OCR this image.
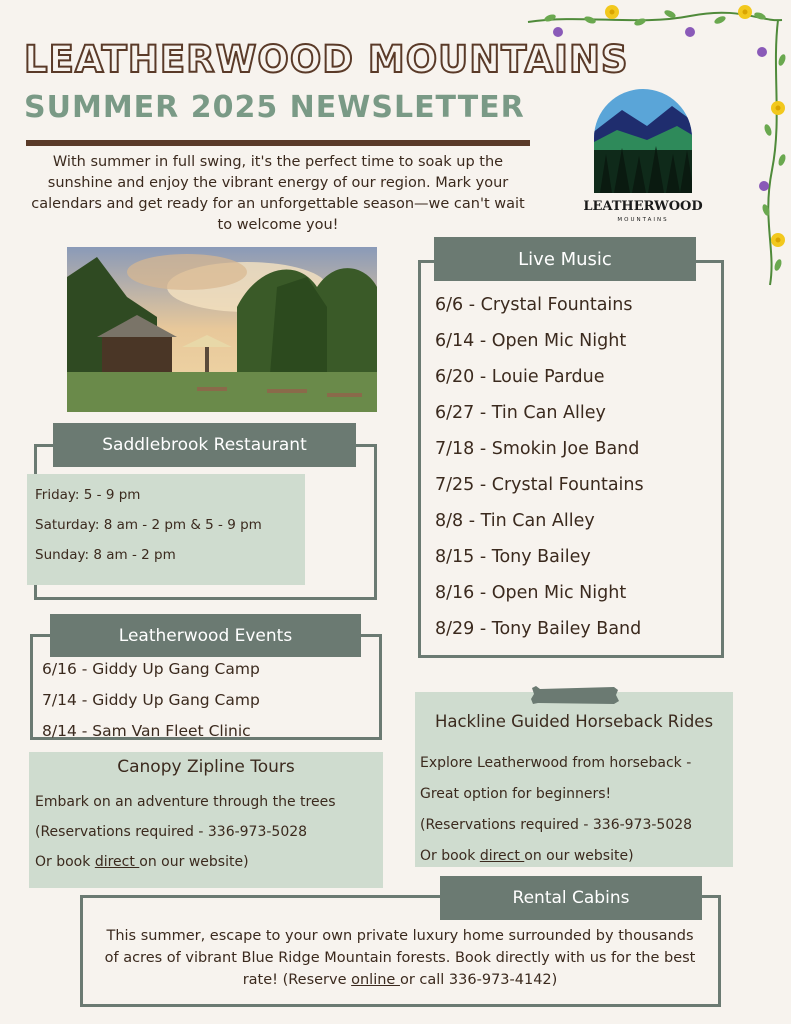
LEATHERWOOD MOUNTAINS
SUMMER 2025 NEWSLETTER
With summer in full swing, it's the perfect time to soak up the sunshine and enjoy the vibrant energy of our region. Mark your calendars and get ready for an unforgettable season—we can't wait to welcome you!
LEATHERWOOD
MOUNTAINS
Friday: 5 - 9 pm
Saturday: 8 am - 2 pm & 5 - 9 pm
Sunday: 8 am - 2 pm
Saddlebrook Restaurant
Leatherwood Events
6/16 - Giddy Up Gang Camp
7/14 - Giddy Up Gang Camp
8/14 - Sam Van Fleet Clinic
Canopy Zipline Tours
Embark on an adventure through the trees
(Reservations required - 336-973-5028
Or book direct on our website)
Live Music
6/6 - Crystal Fountains
6/14 - Open Mic Night
6/20 - Louie Pardue
6/27 - Tin Can Alley
7/18 - Smokin Joe Band
7/25 - Crystal Fountains
8/8 - Tin Can Alley
8/15 - Tony Bailey
8/16 - Open Mic Night
8/29 - Tony Bailey Band
Hackline Guided Horseback Rides
Explore Leatherwood from horseback -
Great option for beginners!
(Reservations required - 336-973-5028
Or book direct on our website)
Rental Cabins
This summer, escape to your own private luxury home surrounded by thousands of acres of vibrant Blue Ridge Mountain forests. Book directly with us for the best rate! (Reserve online or call 336-973-4142)
